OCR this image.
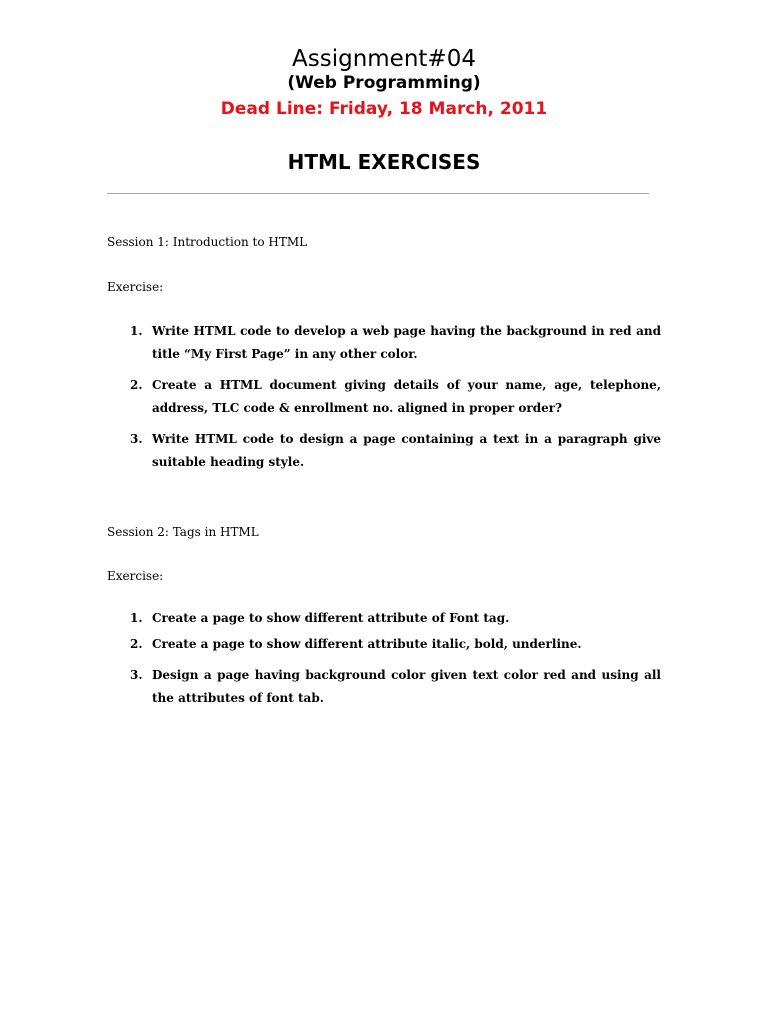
Assignment#04
(Web Programming)
Dead Line: Friday, 18 March, 2011
HTML EXERCISES
Session 1: Introduction to HTML
Exercise:
1. Write HTML code to develop a web page having the background in red and title “My First Page” in any other color.
2. Create a HTML document giving details of your name, age, telephone, address, TLC code & enrollment no. aligned in proper order?
3. Write HTML code to design a page containing a text in a paragraph give suitable heading style.
Session 2: Tags in HTML
Exercise:
1. Create a page to show different attribute of Font tag.
2. Create a page to show different attribute italic, bold, underline.
3. Design a page having background color given text color red and using all the attributes of font tab.
